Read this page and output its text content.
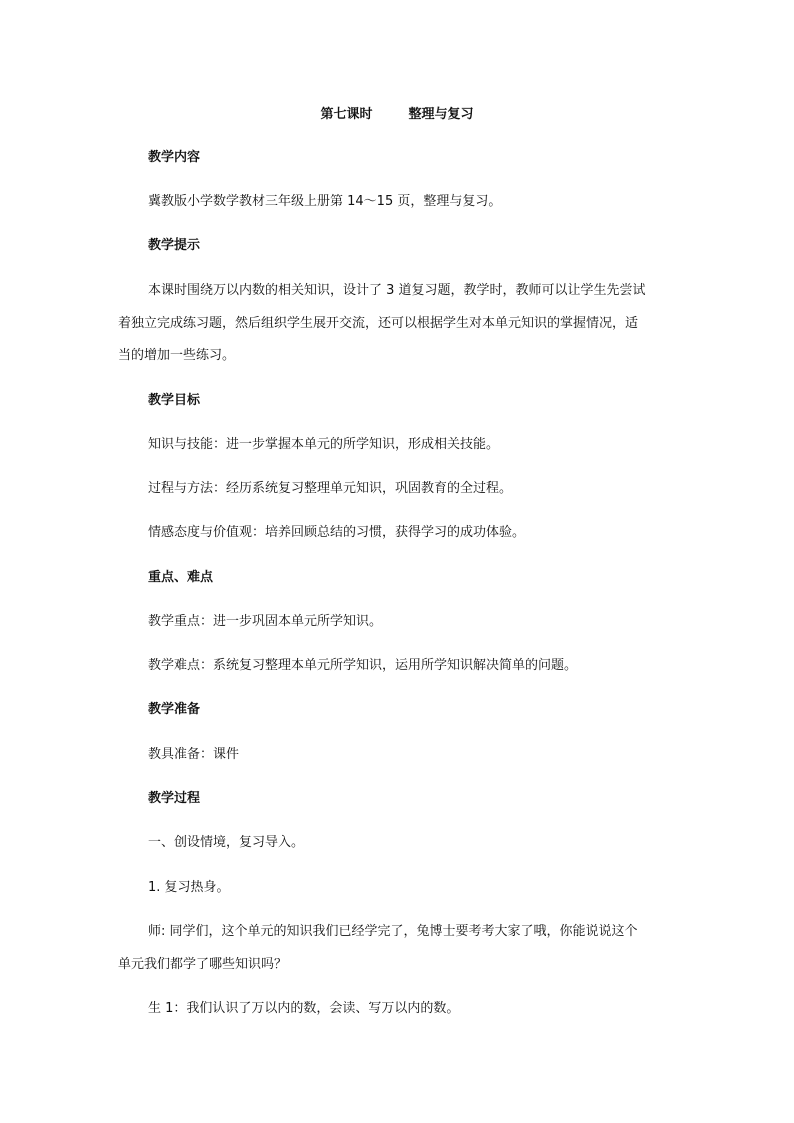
第七课时	整理与复习
教学内容
冀教版小学数学教材三年级上册第 14～15 页，整理与复习。
教学提示
本课时围绕万以内数的相关知识，设计了 3 道复习题，教学时，教师可以让学生先尝试
着独立完成练习题，然后组织学生展开交流，还可以根据学生对本单元知识的掌握情况，适
当的增加一些练习。
教学目标
知识与技能：进一步掌握本单元的所学知识，形成相关技能。
过程与方法：经历系统复习整理单元知识，巩固教育的全过程。
情感态度与价值观：培养回顾总结的习惯，获得学习的成功体验。
重点、难点
教学重点：进一步巩固本单元所学知识。
教学难点：系统复习整理本单元所学知识，运用所学知识解决简单的问题。
教学准备
教具准备：课件
教学过程
一、创设情境，复习导入。
1. 复习热身。
师: 同学们，这个单元的知识我们已经学完了，兔博士要考考大家了哦，你能说说这个
单元我们都学了哪些知识吗？
生 1：我们认识了万以内的数，会读、写万以内的数。
